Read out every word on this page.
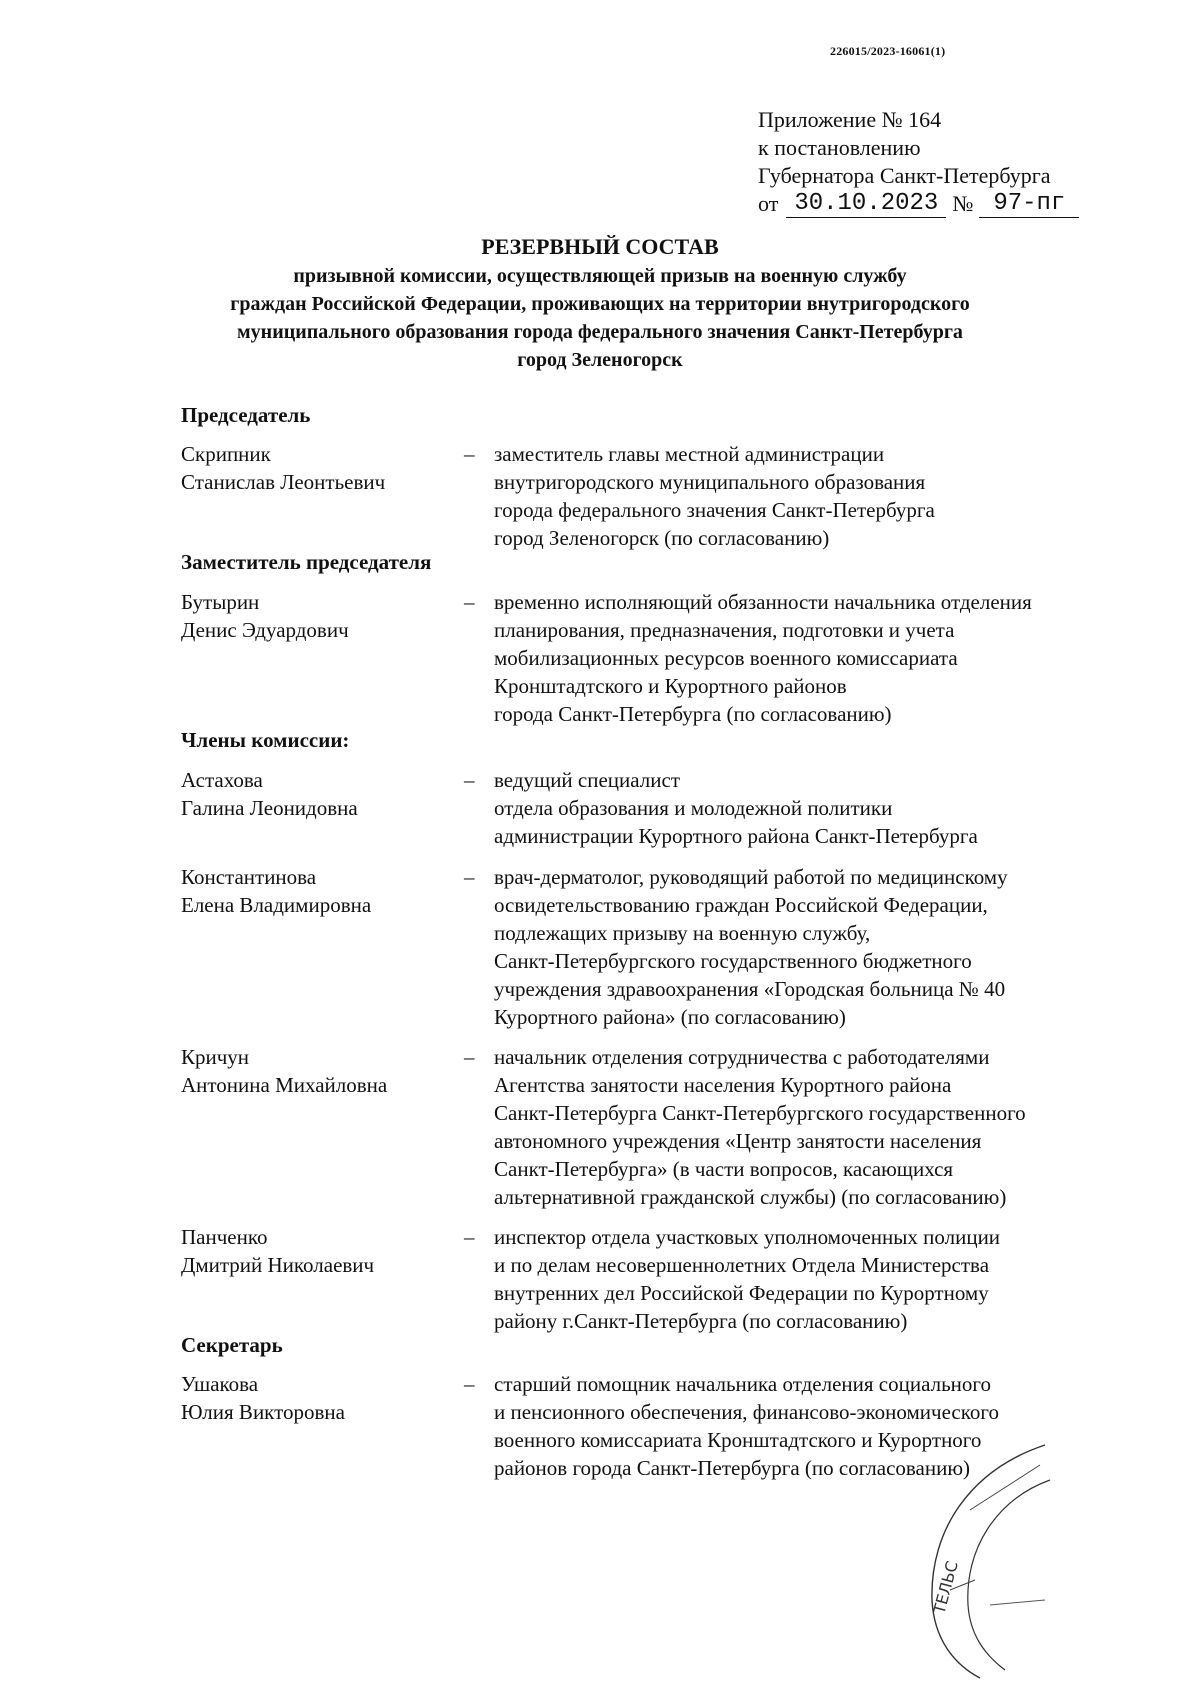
226015/2023-16061(1)
Приложение № 164
к постановлению
Губернатора Санкт-Петербурга
от 30.10.2023 № 97-пг
РЕЗЕРВНЫЙ СОСТАВ
призывной комиссии, осуществляющей призыв на военную службу
граждан Российской Федерации, проживающих на территории внутригородского
муниципального образования города федерального значения Санкт-Петербурга
город Зеленогорск
Председатель
Скрипник
Станислав Леонтьевич
– заместитель главы местной администрации
внутригородского муниципального образования
города федерального значения Санкт-Петербурга
город Зеленогорск (по согласованию)
Заместитель председателя
Бутырин
Денис Эдуардович
– временно исполняющий обязанности начальника отделения
планирования, предназначения, подготовки и учета
мобилизационных ресурсов военного комиссариата
Кронштадтского и Курортного районов
города Санкт-Петербурга (по согласованию)
Члены комиссии:
Астахова
Галина Леонидовна
– ведущий специалист
отдела образования и молодежной политики
администрации Курортного района Санкт-Петербурга
Константинова
Елена Владимировна
– врач-дерматолог, руководящий работой по медицинскому
освидетельствованию граждан Российской Федерации,
подлежащих призыву на военную службу,
Санкт-Петербургского государственного бюджетного
учреждения здравоохранения «Городская больница № 40
Курортного района» (по согласованию)
Кричун
Антонина Михайловна
– начальник отделения сотрудничества с работодателями
Агентства занятости населения Курортного района
Санкт-Петербурга Санкт-Петербургского государственного
автономного учреждения «Центр занятости населения
Санкт-Петербурга» (в части вопросов, касающихся
альтернативной гражданской службы) (по согласованию)
Панченко
Дмитрий Николаевич
– инспектор отдела участковых уполномоченных полиции
и по делам несовершеннолетних Отдела Министерства
внутренних дел Российской Федерации по Курортному
району г.Санкт-Петербурга (по согласованию)
Секретарь
Ушакова
Юлия Викторовна
– старший помощник начальника отделения социального
и пенсионного обеспечения, финансово-экономического
военного комиссариата Кронштадтского и Курортного
районов города Санкт-Петербурга (по согласованию)
ТЕЛЬС
